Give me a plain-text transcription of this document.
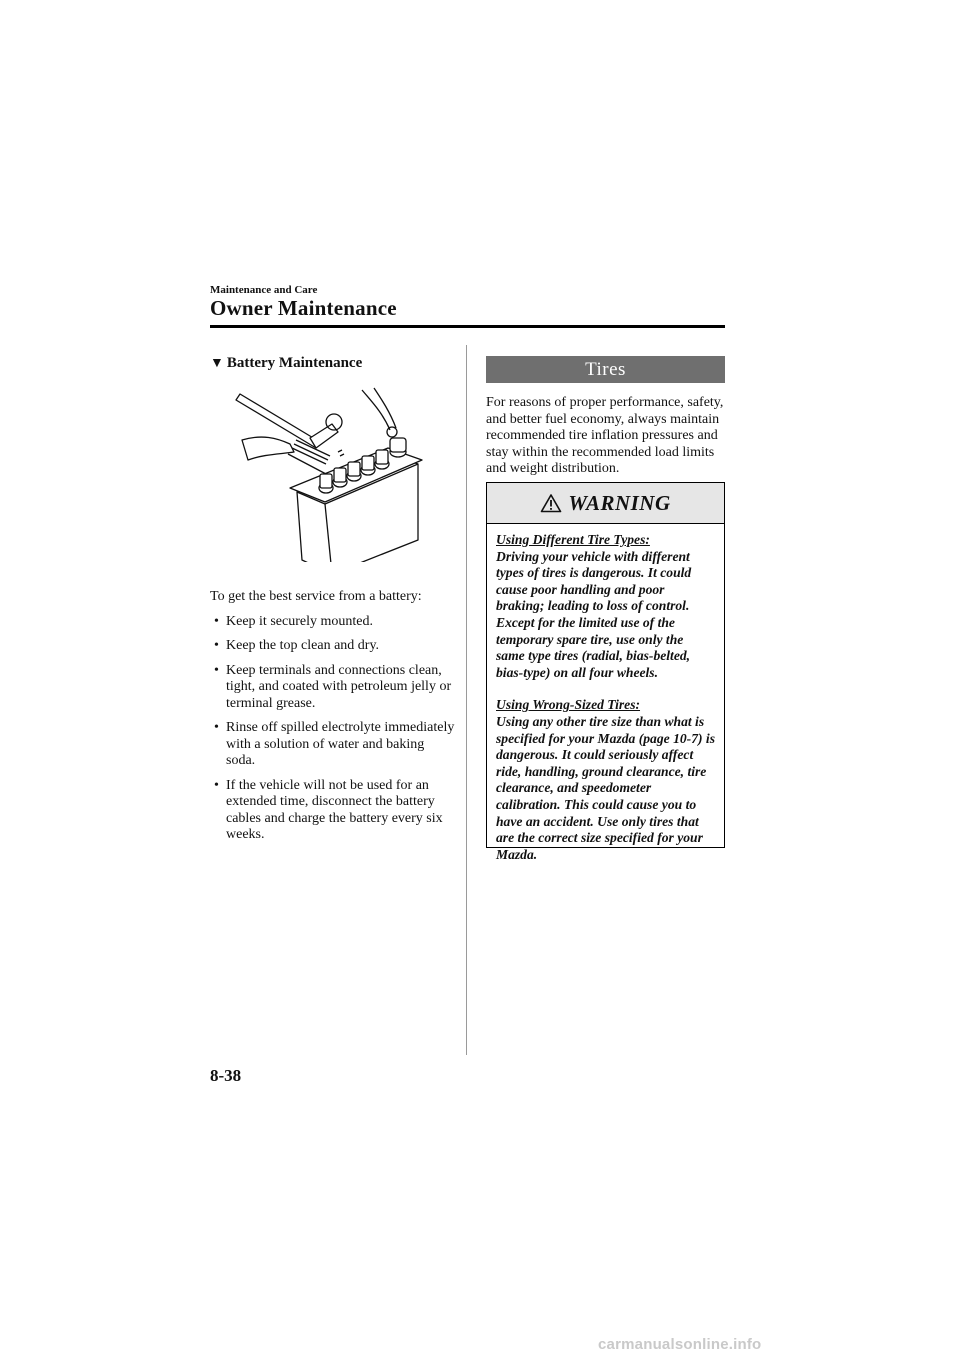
Maintenance and Care
Owner Maintenance
▼ Battery Maintenance
To get the best service from a battery:
• Keep it securely mounted.
• Keep the top clean and dry.
• Keep terminals and connections clean, tight, and coated with petroleum jelly or terminal grease.
• Rinse off spilled electrolyte immediately with a solution of water and baking soda.
• If the vehicle will not be used for an extended time, disconnect the battery cables and charge the battery every six weeks.
Tires
For reasons of proper performance, safety, and better fuel economy, always maintain recommended tire inflation pressures and stay within the recommended load limits and weight distribution.
WARNING
Using Different Tire Types:
Driving your vehicle with different types of tires is dangerous. It could cause poor handling and poor braking; leading to loss of control. Except for the limited use of the temporary spare tire, use only the same type tires (radial, bias-belted, bias-type) on all four wheels.
Using Wrong-Sized Tires:
Using any other tire size than what is specified for your Mazda (page 10-7) is dangerous. It could seriously affect ride, handling, ground clearance, tire clearance, and speedometer calibration. This could cause you to have an accident. Use only tires that are the correct size specified for your Mazda.
8-38
carmanualsonline.info
